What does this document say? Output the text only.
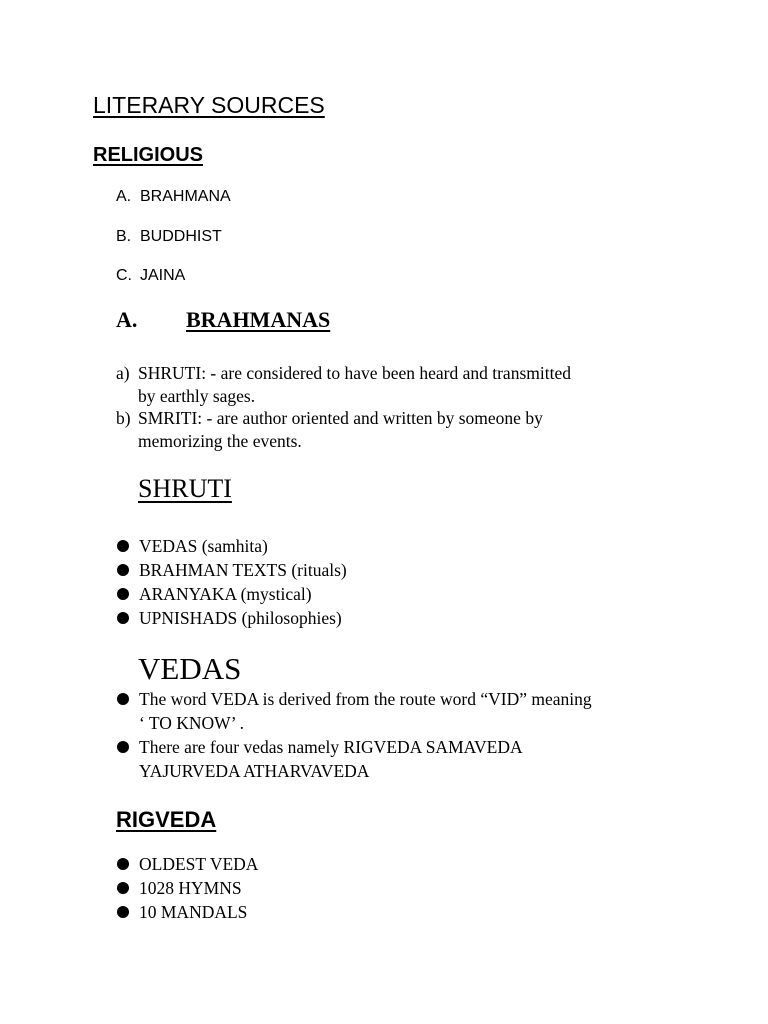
LITERARY SOURCES
RELIGIOUS
A. BRAHMANA
B. BUDDHIST
C. JAINA
A. BRAHMANAS
a) SHRUTI: - are considered to have been heard and transmitted
by earthly sages.
b) SMRITI: - are author oriented and written by someone by
memorizing the events.
SHRUTI
VEDAS (samhita)
BRAHMAN TEXTS (rituals)
ARANYAKA (mystical)
UPNISHADS (philosophies)
VEDAS
The word VEDA is derived from the route word “VID” meaning
‘ TO KNOW’ .
There are four vedas namely RIGVEDA SAMAVEDA
YAJURVEDA ATHARVAVEDA
RIGVEDA
OLDEST VEDA
1028 HYMNS
10 MANDALS
